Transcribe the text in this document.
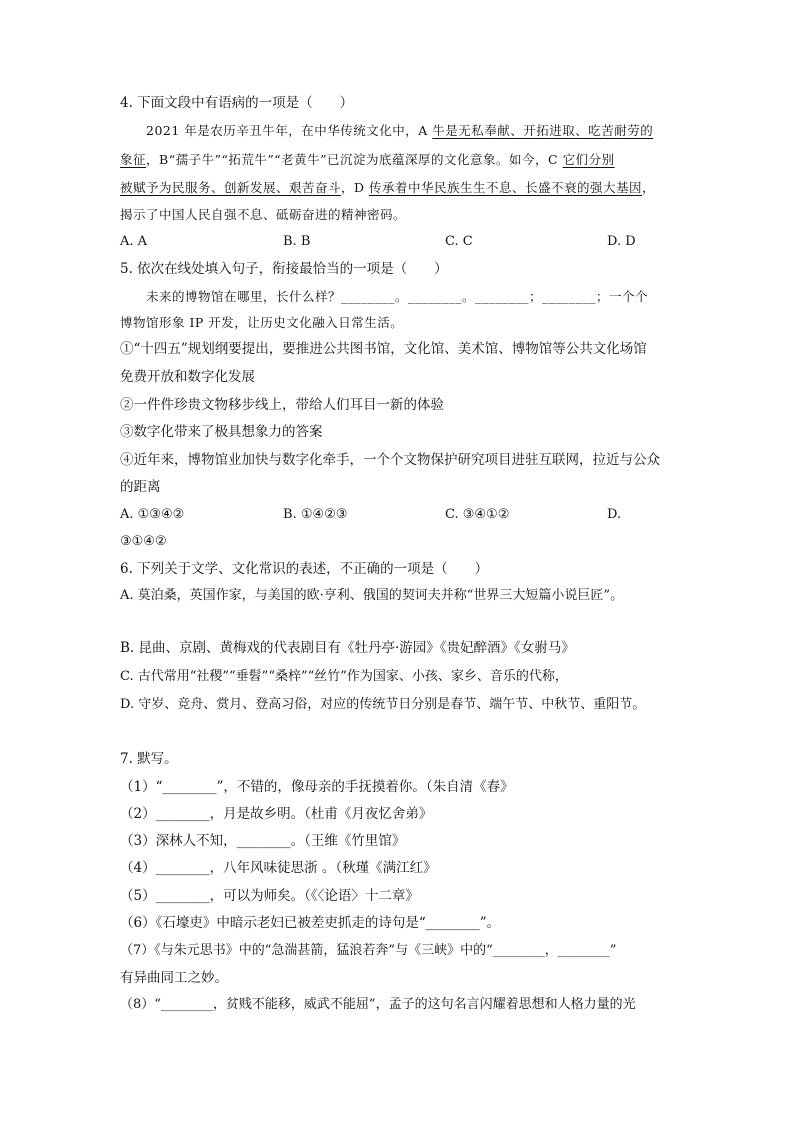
4. 下面文段中有语病的一项是（　　）
2021 年是农历辛丑牛年，在中华传统文化中，A 牛是无私奉献、开拓进取、吃苦耐劳的
象征，B“孺子牛”“拓荒牛”“老黄牛”已沉淀为底蕴深厚的文化意象。如今，C 它们分别
被赋予为民服务、创新发展、艰苦奋斗，D 传承着中华民族生生不息、长盛不衰的强大基因，
揭示了中国人民自强不息、砥砺奋进的精神密码。
A. A	B. B	C. C	D. D
5. 依次在线处填入句子，衔接最恰当的一项是（　　）
未来的博物馆在哪里，长什么样？________。________。________；________；一个个
博物馆形象 IP 开发，让历史文化融入日常生活。
①“十四五”规划纲要提出，要推进公共图书馆，文化馆、美术馆、博物馆等公共文化场馆
免费开放和数字化发展
②一件件珍贵文物移步线上，带给人们耳目一新的体验
③数字化带来了极具想象力的答案
④近年来，博物馆业加快与数字化牵手，一个个文物保护研究项目进驻互联网，拉近与公众
的距离
A. ①③④②	B. ①④②③	C. ③④①②	D.
③①④②
6. 下列关于文学、文化常识的表述，不正确的一项是（　　）
A. 莫泊桑，英国作家，与美国的欧·亨利、俄国的契诃夫并称“世界三大短篇小说巨匠”。
B. 昆曲、京剧、黄梅戏的代表剧目有《牡丹亭·游园》《贵妃醉酒》《女驸马》
C. 古代常用“社稷”“垂髫”“桑梓”“丝竹”作为国家、小孩、家乡、音乐的代称，
D. 守岁、竞舟、赏月、登高习俗，对应的传统节日分别是春节、端午节、中秋节、重阳节。
7. 默写。
（1）“________”，不错的，像母亲的手抚摸着你。（朱自清《春》
（2）________，月是故乡明。（杜甫《月夜忆舍弟》
（3）深林人不知，________。（王维《竹里馆》
（4）________，八年风味徒思浙 。（秋瑾《满江红》
（5）________，可以为师矣。（《〈论语〉十二章》
（6）《石壕吏》中暗示老妇已被差吏抓走的诗句是“________”。
（7）《与朱元思书》中的“急湍甚箭，猛浪若奔”与《三峡》中的“________，________”
有异曲同工之妙。
（8）“________，贫贱不能移，威武不能屈”，孟子的这句名言闪耀着思想和人格力量的光
